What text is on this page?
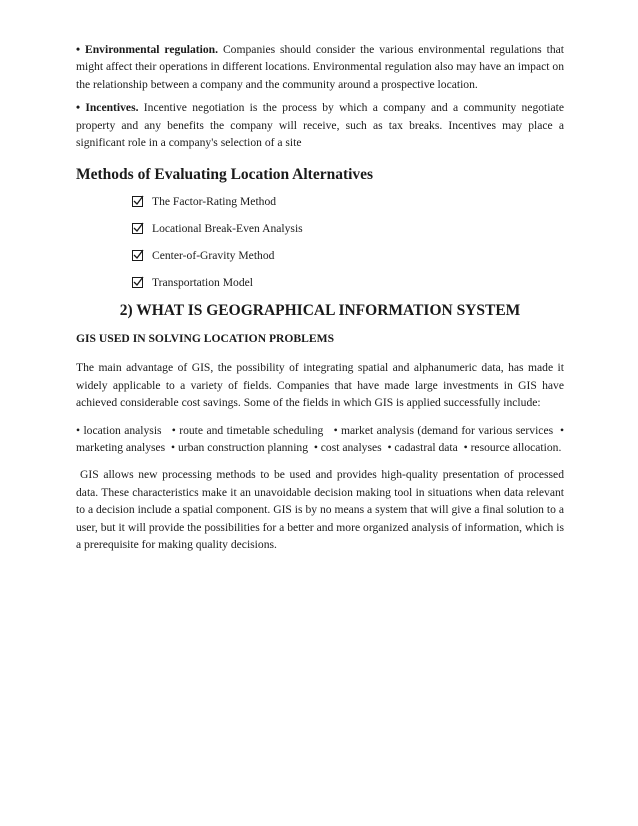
• Environmental regulation. Companies should consider the various environmental regulations that might affect their operations in different locations. Environmental regulation also may have an impact on the relationship between a company and the community around a prospective location.

• Incentives. Incentive negotiation is the process by which a company and a community negotiate property and any benefits the company will receive, such as tax breaks. Incentives may place a significant role in a company's selection of a site

Methods of Evaluating Location Alternatives
The Factor-Rating Method
Locational Break-Even Analysis
Center-of-Gravity Method
Transportation Model
2) WHAT IS GEOGRAPHICAL INFORMATION SYSTEM
GIS USED IN SOLVING LOCATION PROBLEMS

The main advantage of GIS, the possibility of integrating spatial and alphanumeric data, has made it widely applicable to a variety of fields. Companies that have made large investments in GIS have achieved considerable cost savings. Some of the fields in which GIS is applied successfully include:

• location analysis • route and timetable scheduling • market analysis (demand for various services • marketing analyses • urban construction planning • cost analyses • cadastral data • resource allocation.

GIS allows new processing methods to be used and provides high-quality presentation of processed data. These characteristics make it an unavoidable decision making tool in situations when data relevant to a decision include a spatial component. GIS is by no means a system that will give a final solution to a user, but it will provide the possibilities for a better and more organized analysis of information, which is a prerequisite for making quality decisions.
